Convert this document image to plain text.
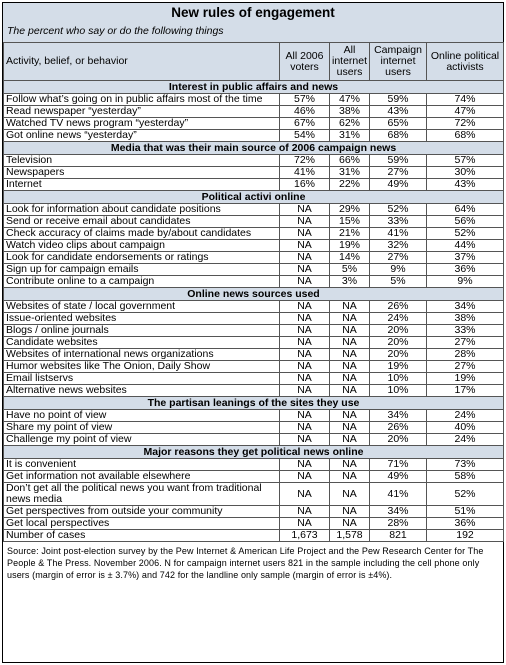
New rules of engagement
The percent who say or do the following things
Activity, belief, or behavior	All 2006 voters	All internet users	Campaign internet users	Online political activists
Interest in public affairs and news				
Follow what’s going on in public affairs most of the time	57%	47%	59%	74%
Read newspaper “yesterday”	46%	38%	43%	47%
Watched TV news program “yesterday”	67%	62%	65%	72%
Got online news “yesterday”	54%	31%	68%	68%
Media that was their main source of 2006 campaign news				
Television	72%	66%	59%	57%
Newspapers	41%	31%	27%	30%
Internet	16%	22%	49%	43%
Political activi online				
Look for information about candidate positions	NA	29%	52%	64%
Send or receive email about candidates	NA	15%	33%	56%
Check accuracy of claims made by/about candidates	NA	21%	41%	52%
Watch video clips about campaign	NA	19%	32%	44%
Look for candidate endorsements or ratings	NA	14%	27%	37%
Sign up for campaign emails	NA	5%	9%	36%
Contribute online to a campaign	NA	3%	5%	9%
Online news sources used				
Websites of state / local government	NA	NA	26%	34%
Issue-oriented websites	NA	NA	24%	38%
Blogs / online journals	NA	NA	20%	33%
Candidate websites	NA	NA	20%	27%
Websites of international news organizations	NA	NA	20%	28%
Humor websites like The Onion, Daily Show	NA	NA	19%	27%
Email listservs	NA	NA	10%	19%
Alternative news websites	NA	NA	10%	17%
The partisan leanings of the sites they use				
Have no point of view	NA	NA	34%	24%
Share my point of view	NA	NA	26%	40%
Challenge my point of view	NA	NA	20%	24%
Major reasons they get political news online				
It is convenient	NA	NA	71%	73%
Get information not available elsewhere	NA	NA	49%	58%
Don’t get all the political news you want from traditional news media	NA	NA	41%	52%
Get perspectives from outside your community	NA	NA	34%	51%
Get local perspectives	NA	NA	28%	36%
Number of cases	1,673	1,578	821	192
Source: Joint post-election survey by the Pew Internet & American Life Project and the Pew Research Center for The People & The Press. November 2006. N for campaign internet users 821 in the sample including the cell phone only users (margin of error is ± 3.7%) and 742 for the landline only sample (margin of error is ±4%).
